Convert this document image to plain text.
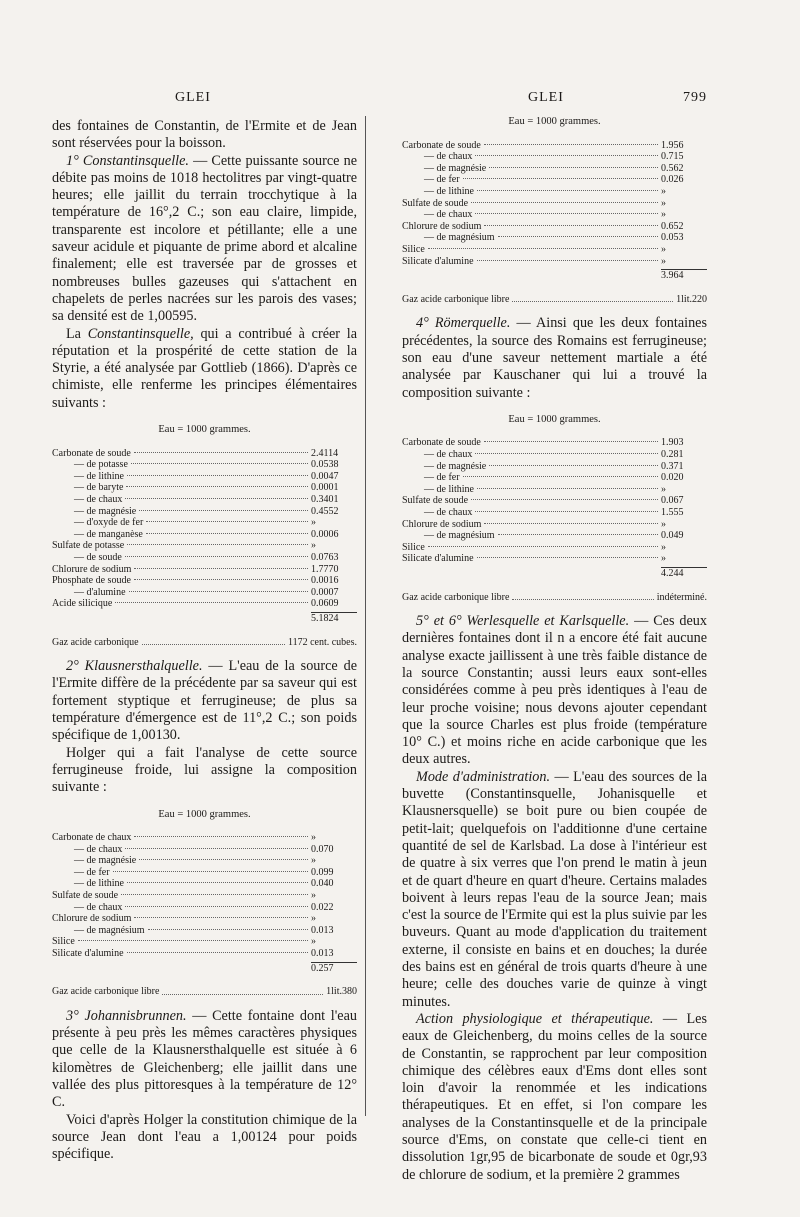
GLEI	GLEI	799

des fontaines de Constantin, de l'Ermite et de Jean sont réservées pour la boisson.

1° Constantinsquelle. — Cette puissante source ne débite pas moins de 1018 hectolitres par vingt-quatre heures; elle jaillit du terrain trocchytique à la température de 16°,2 C.; son eau claire, limpide, transparente est incolore et pétillante; elle a une saveur acidule et piquante de prime abord et alcaline finalement; elle est traversée par de grosses et nombreuses bulles gazeuses qui s'attachent en chapelets de perles nacrées sur les parois des vases; sa densité est de 1,00595.

La Constantinsquelle, qui a contribué à créer la réputation et la prospérité de cette station de la Styrie, a été analysée par Gottlieb (1866). D'après ce chimiste, elle renferme les principes élémentaires suivants :

Eau = 1000 grammes.
Carbonate de soude	2.4114
— de potasse	0.0538
— de lithine	0.0047
— de baryte	0.0001
— de chaux	0.3401
— de magnésie	0.4552
— d'oxyde de fer	»
— de manganèse	0.0006
Sulfate de potasse	»
— de soude	0.0763
Chlorure de sodium	1.7770
Phosphate de soude	0.0016
— d'alumine	0.0007
Acide silicique	0.0609
5.1824
Gaz acide carbonique	1172 cent. cubes.

2° Klausnersthalquelle. — L'eau de la source de l'Ermite diffère de la précédente par sa saveur qui est fortement styptique et ferrugineuse; de plus sa température d'émergence est de 11°,2 C.; son poids spécifique de 1,00130.

Holger qui a fait l'analyse de cette source ferrugineuse froide, lui assigne la composition suivante :

Eau = 1000 grammes.
Carbonate de chaux	»
— de chaux	0.070
— de magnésie	»
— de fer	0.099
— de lithine	0.040
Sulfate de soude	»
— de chaux	0.022
Chlorure de sodium	»
— de magnésium	0.013
Silice	»
Silicate d'alumine	0.013
0.257
Gaz acide carbonique libre	1lit.380

3° Johannisbrunnen. — Cette fontaine dont l'eau présente à peu près les mêmes caractères physiques que celle de la Klausnersthalquelle est située à 6 kilomètres de Gleichenberg; elle jaillit dans une vallée des plus pittoresques à la température de 12° C.

Voici d'après Holger la constitution chimique de la source Jean dont l'eau a 1,00124 pour poids spécifique.

Eau = 1000 grammes.
Carbonate de soude	1.956
— de chaux	0.715
— de magnésie	0.562
— de fer	0.026
— de lithine	»
Sulfate de soude	»
— de chaux	»
Chlorure de sodium	0.652
— de magnésium	0.053
Silice	»
Silicate d'alumine	»
3.964
Gaz acide carbonique libre	1lit.220

4° Römerquelle. — Ainsi que les deux fontaines précédentes, la source des Romains est ferrugineuse; son eau d'une saveur nettement martiale a été analysée par Kauschaner qui lui a trouvé la composition suivante :

Eau = 1000 grammes.
Carbonate de soude	1.903
— de chaux	0.281
— de magnésie	0.371
— de fer	0.020
— de lithine	»
Sulfate de soude	0.067
— de chaux	1.555
Chlorure de sodium	»
— de magnésium	0.049
Silice	»
Silicate d'alumine	»
4.244
Gaz acide carbonique libre	indéterminé.

5° et 6° Werlesquelle et Karlsquelle. — Ces deux dernières fontaines dont il n a encore été fait aucune analyse exacte jaillissent à une très faible distance de la source Constantin; aussi leurs eaux sont-elles considérées comme à peu près identiques à l'eau de leur proche voisine; nous devons ajouter cependant que la source Charles est plus froide (température 10° C.) et moins riche en acide carbonique que les deux autres.

Mode d'administration. — L'eau des sources de la buvette (Constantinsquelle, Johanisquelle et Klausnersquelle) se boit pure ou bien coupée de petit-lait; quelquefois on l'additionne d'une certaine quantité de sel de Karlsbad. La dose à l'intérieur est de quatre à six verres que l'on prend le matin à jeun et de quart d'heure en quart d'heure. Certains malades boivent à leurs repas l'eau de la source Jean; mais c'est la source de l'Ermite qui est la plus suivie par les buveurs. Quant au mode d'application du traitement externe, il consiste en bains et en douches; la durée des bains est en général de trois quarts d'heure à une heure; celle des douches varie de quinze à vingt minutes.

Action physiologique et thérapeutique. — Les eaux de Gleichenberg, du moins celles de la source de Constantin, se rapprochent par leur composition chimique des célèbres eaux d'Ems dont elles sont loin d'avoir la renommée et les indications thérapeutiques. Et en effet, si l'on compare les analyses de la Constantinsquelle et de la principale source d'Ems, on constate que celle-ci tient en dissolution 1gr,95 de bicarbonate de soude et 0gr,93 de chlorure de sodium, et la première 2 grammes
